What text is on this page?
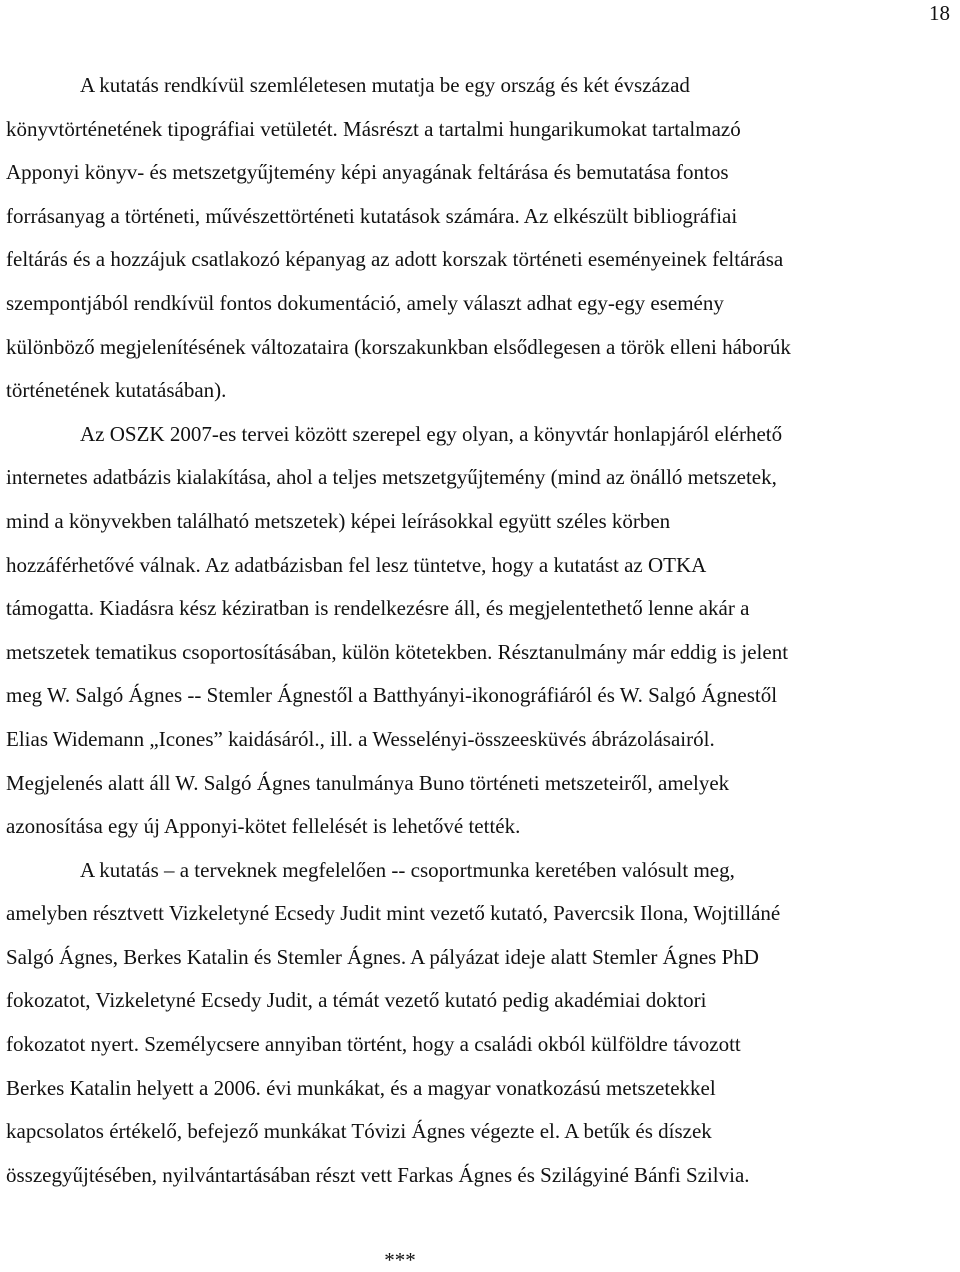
18
A kutatás rendkívül szemléletesen mutatja be egy ország és két évszázad
könyvtörténetének tipográfiai vetületét. Másrészt a tartalmi hungarikumokat tartalmazó
Apponyi könyv- és metszetgyűjtemény képi anyagának feltárása és bemutatása fontos
forrásanyag a történeti, művészettörténeti kutatások számára. Az elkészült bibliográfiai
feltárás és a hozzájuk csatlakozó képanyag az adott korszak történeti eseményeinek feltárása
szempontjából rendkívül fontos dokumentáció, amely választ adhat egy-egy esemény
különböző megjelenítésének változataira (korszakunkban elsődlegesen a török elleni háborúk
történetének kutatásában).
Az OSZK 2007-es tervei között szerepel egy olyan, a könyvtár honlapjáról elérhető
internetes adatbázis kialakítása, ahol a teljes metszetgyűjtemény (mind az önálló metszetek,
mind a könyvekben található metszetek) képei leírásokkal együtt széles körben
hozzáférhetővé válnak. Az adatbázisban fel lesz tüntetve, hogy a kutatást az OTKA
támogatta. Kiadásra kész kéziratban is rendelkezésre áll, és megjelentethető lenne akár a
metszetek tematikus csoportosításában, külön kötetekben. Résztanulmány már eddig is jelent
meg W. Salgó Ágnes -- Stemler Ágnestől a Batthyányi-ikonográfiáról és W. Salgó Ágnestől
Elias Widemann „Icones” kaidásáról., ill. a Wesselényi-összeesküvés ábrázolásairól.
Megjelenés alatt áll W. Salgó Ágnes tanulmánya Buno történeti metszeteiről, amelyek
azonosítása egy új Apponyi-kötet fellelését is lehetővé tették.
A kutatás – a terveknek megfelelően -- csoportmunka keretében valósult meg,
amelyben résztvett Vizkeletyné Ecsedy Judit mint vezető kutató, Pavercsik Ilona, Wojtilláné
Salgó Ágnes, Berkes Katalin és Stemler Ágnes. A pályázat ideje alatt Stemler Ágnes PhD
fokozatot, Vizkeletyné Ecsedy Judit, a témát vezető kutató pedig akadémiai doktori
fokozatot nyert. Személycsere annyiban történt, hogy a családi okból külföldre távozott
Berkes Katalin helyett a 2006. évi munkákat, és a magyar vonatkozású metszetekkel
kapcsolatos értékelő, befejező munkákat Tóvizi Ágnes végezte el. A betűk és díszek
összegyűjtésében, nyilvántartásában részt vett Farkas Ágnes és Szilágyiné Bánfi Szilvia.
***
